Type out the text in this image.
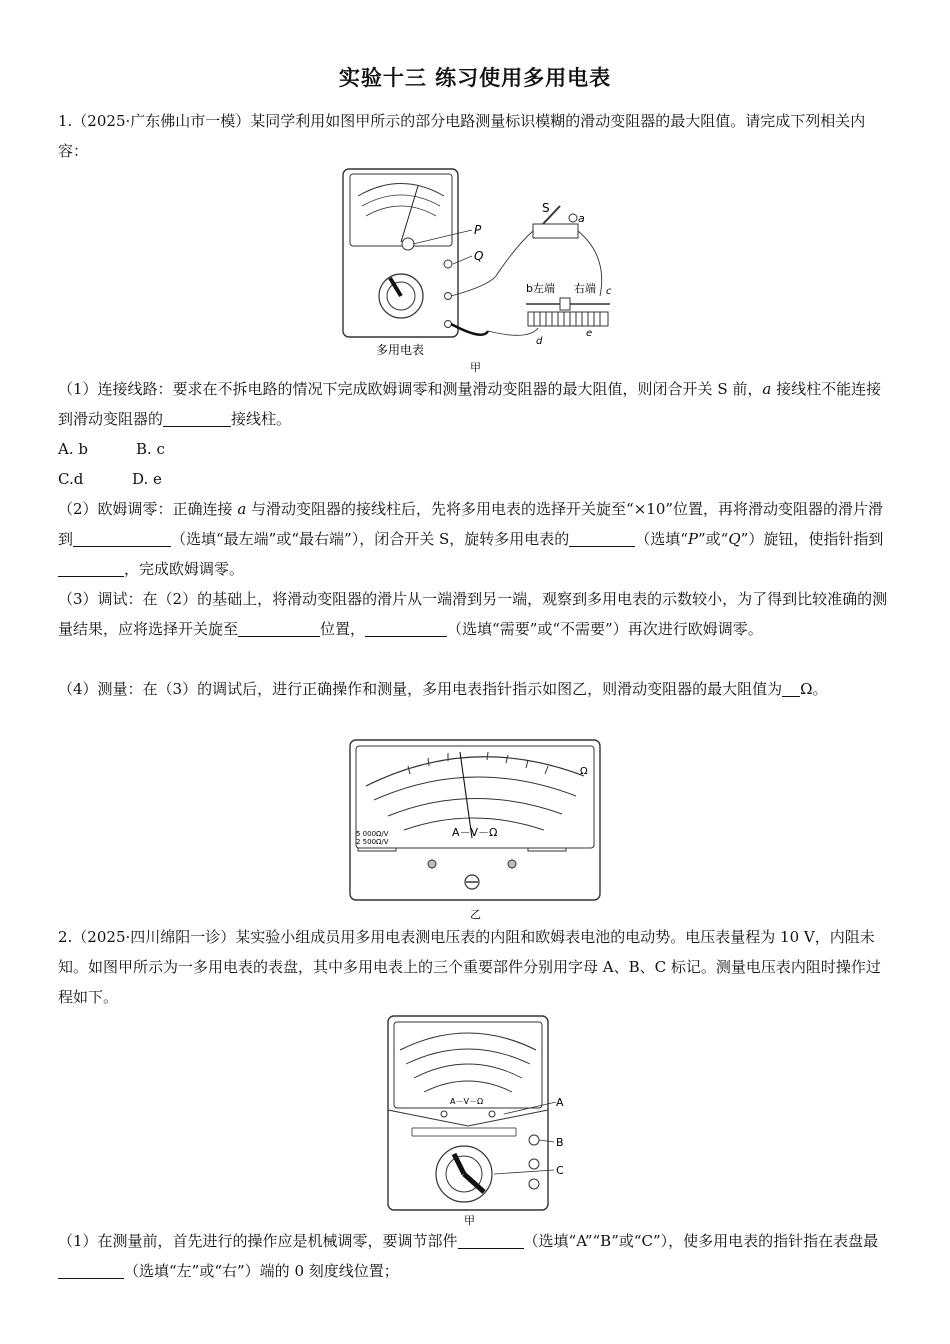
实验十三 练习使用多用电表
1.（2025·广东佛山市一模）某同学利用如图甲所示的部分电路测量标识模糊的滑动变阻器的最大阻值。请完成下列相关内容：
P
Q
多用电表
S
a
b左端 右端 c
d
e
甲
（1）连接线路：要求在不拆电路的情况下完成欧姆调零和测量滑动变阻器的最大阻值，则闭合开关 S 前，a 接线柱不能连接到滑动变阻器的	接线柱。
A. b	B. c
C.d	D. e
（2）欧姆调零：正确连接 a 与滑动变阻器的接线柱后，先将多用电表的选择开关旋至“×10”位置，再将滑动变阻器的滑片滑到	（选填“最左端”或“最右端”），闭合开关 S，旋转多用电表的	（选填“P”或“Q”）旋钮，使指针指到，完成欧姆调零。
（3）调试：在（2）的基础上，将滑动变阻器的滑片从一端滑到另一端，观察到多用电表的示数较小，为了得到比较准确的测量结果，应将选择开关旋至	位置，	（选填“需要”或“不需要”）再次进行欧姆调零。
（4）测量：在（3）的调试后，进行正确操作和测量，多用电表指针指示如图乙，则滑动变阻器的最大阻值为 Ω。
A－V－Ω
Ω
5 000Ω/V
2 500Ω/V
乙
2.（2025·四川绵阳一诊）某实验小组成员用多用电表测电压表的内阻和欧姆表电池的电动势。电压表量程为 10 V，内阻未知。如图甲所示为一多用电表的表盘，其中多用电表上的三个重要部件分别用字母 A、B、C 标记。测量电压表内阻时操作过程如下。
A－V－Ω	A
B
C
甲
（1）在测量前，首先进行的操作应是机械调零，要调节部件	（选填“A”“B”或“C”），使多用电表的指针指在表盘最（选填“左”或“右”）端的 0 刻度线位置；
